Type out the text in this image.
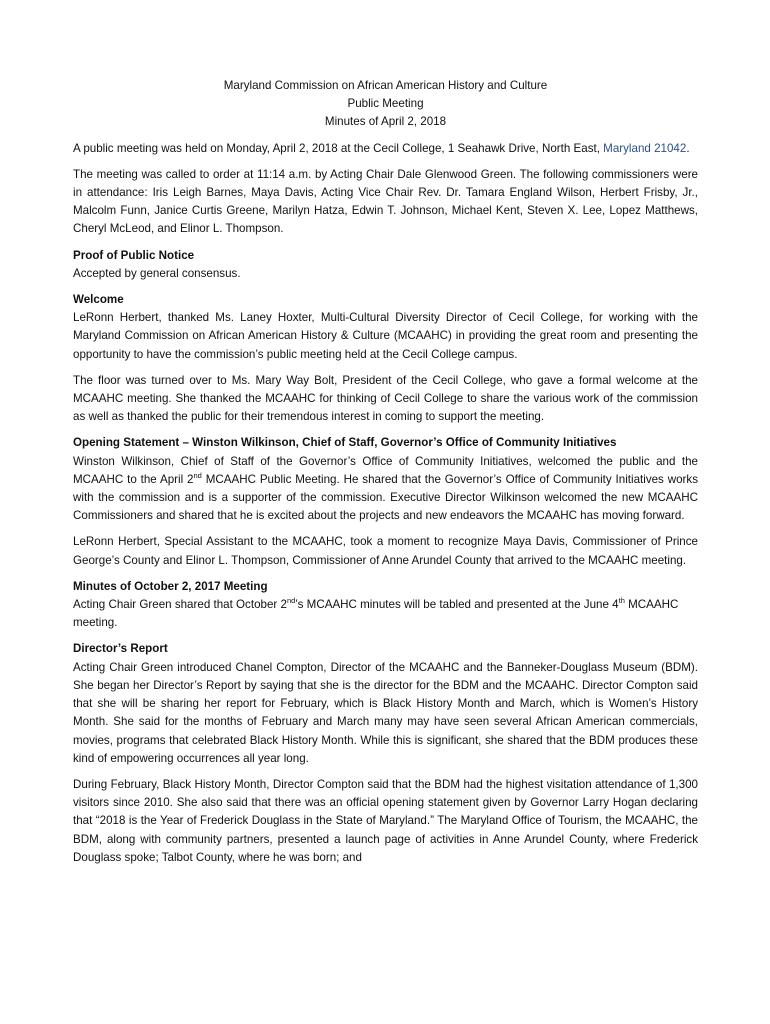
Maryland Commission on African American History and Culture
Public Meeting
Minutes of April 2, 2018

A public meeting was held on Monday, April 2, 2018 at the Cecil College, 1 Seahawk Drive, North East, Maryland 21042.

The meeting was called to order at 11:14 a.m. by Acting Chair Dale Glenwood Green. The following commissioners were in attendance: Iris Leigh Barnes, Maya Davis, Acting Vice Chair Rev. Dr. Tamara England Wilson, Herbert Frisby, Jr., Malcolm Funn, Janice Curtis Greene, Marilyn Hatza, Edwin T. Johnson, Michael Kent, Steven X. Lee, Lopez Matthews, Cheryl McLeod, and Elinor L. Thompson.

Proof of Public Notice

Accepted by general consensus.

Welcome

LeRonn Herbert, thanked Ms. Laney Hoxter, Multi-Cultural Diversity Director of Cecil College, for working with the Maryland Commission on African American History & Culture (MCAAHC) in providing the great room and presenting the opportunity to have the commission’s public meeting held at the Cecil College campus.

The floor was turned over to Ms. Mary Way Bolt, President of the Cecil College, who gave a formal welcome at the MCAAHC meeting. She thanked the MCAAHC for thinking of Cecil College to share the various work of the commission as well as thanked the public for their tremendous interest in coming to support the meeting.

Opening Statement – Winston Wilkinson, Chief of Staff, Governor’s Office of Community Initiatives

Winston Wilkinson, Chief of Staff of the Governor’s Office of Community Initiatives, welcomed the public and the MCAAHC to the April 2nd MCAAHC Public Meeting. He shared that the Governor’s Office of Community Initiatives works with the commission and is a supporter of the commission. Executive Director Wilkinson welcomed the new MCAAHC Commissioners and shared that he is excited about the projects and new endeavors the MCAAHC has moving forward.

LeRonn Herbert, Special Assistant to the MCAAHC, took a moment to recognize Maya Davis, Commissioner of Prince George’s County and Elinor L. Thompson, Commissioner of Anne Arundel County that arrived to the MCAAHC meeting.

Minutes of October 2, 2017 Meeting

Acting Chair Green shared that October 2nd’s MCAAHC minutes will be tabled and presented at the June 4th MCAAHC meeting.

Director’s Report

Acting Chair Green introduced Chanel Compton, Director of the MCAAHC and the Banneker-Douglass Museum (BDM). She began her Director’s Report by saying that she is the director for the BDM and the MCAAHC. Director Compton said that she will be sharing her report for February, which is Black History Month and March, which is Women’s History Month. She said for the months of February and March many may have seen several African American commercials, movies, programs that celebrated Black History Month. While this is significant, she shared that the BDM produces these kind of empowering occurrences all year long.

During February, Black History Month, Director Compton said that the BDM had the highest visitation attendance of 1,300 visitors since 2010. She also said that there was an official opening statement given by Governor Larry Hogan declaring that “2018 is the Year of Frederick Douglass in the State of Maryland.” The Maryland Office of Tourism, the MCAAHC, the BDM, along with community partners, presented a launch page of activities in Anne Arundel County, where Frederick Douglass spoke; Talbot County, where he was born; and
